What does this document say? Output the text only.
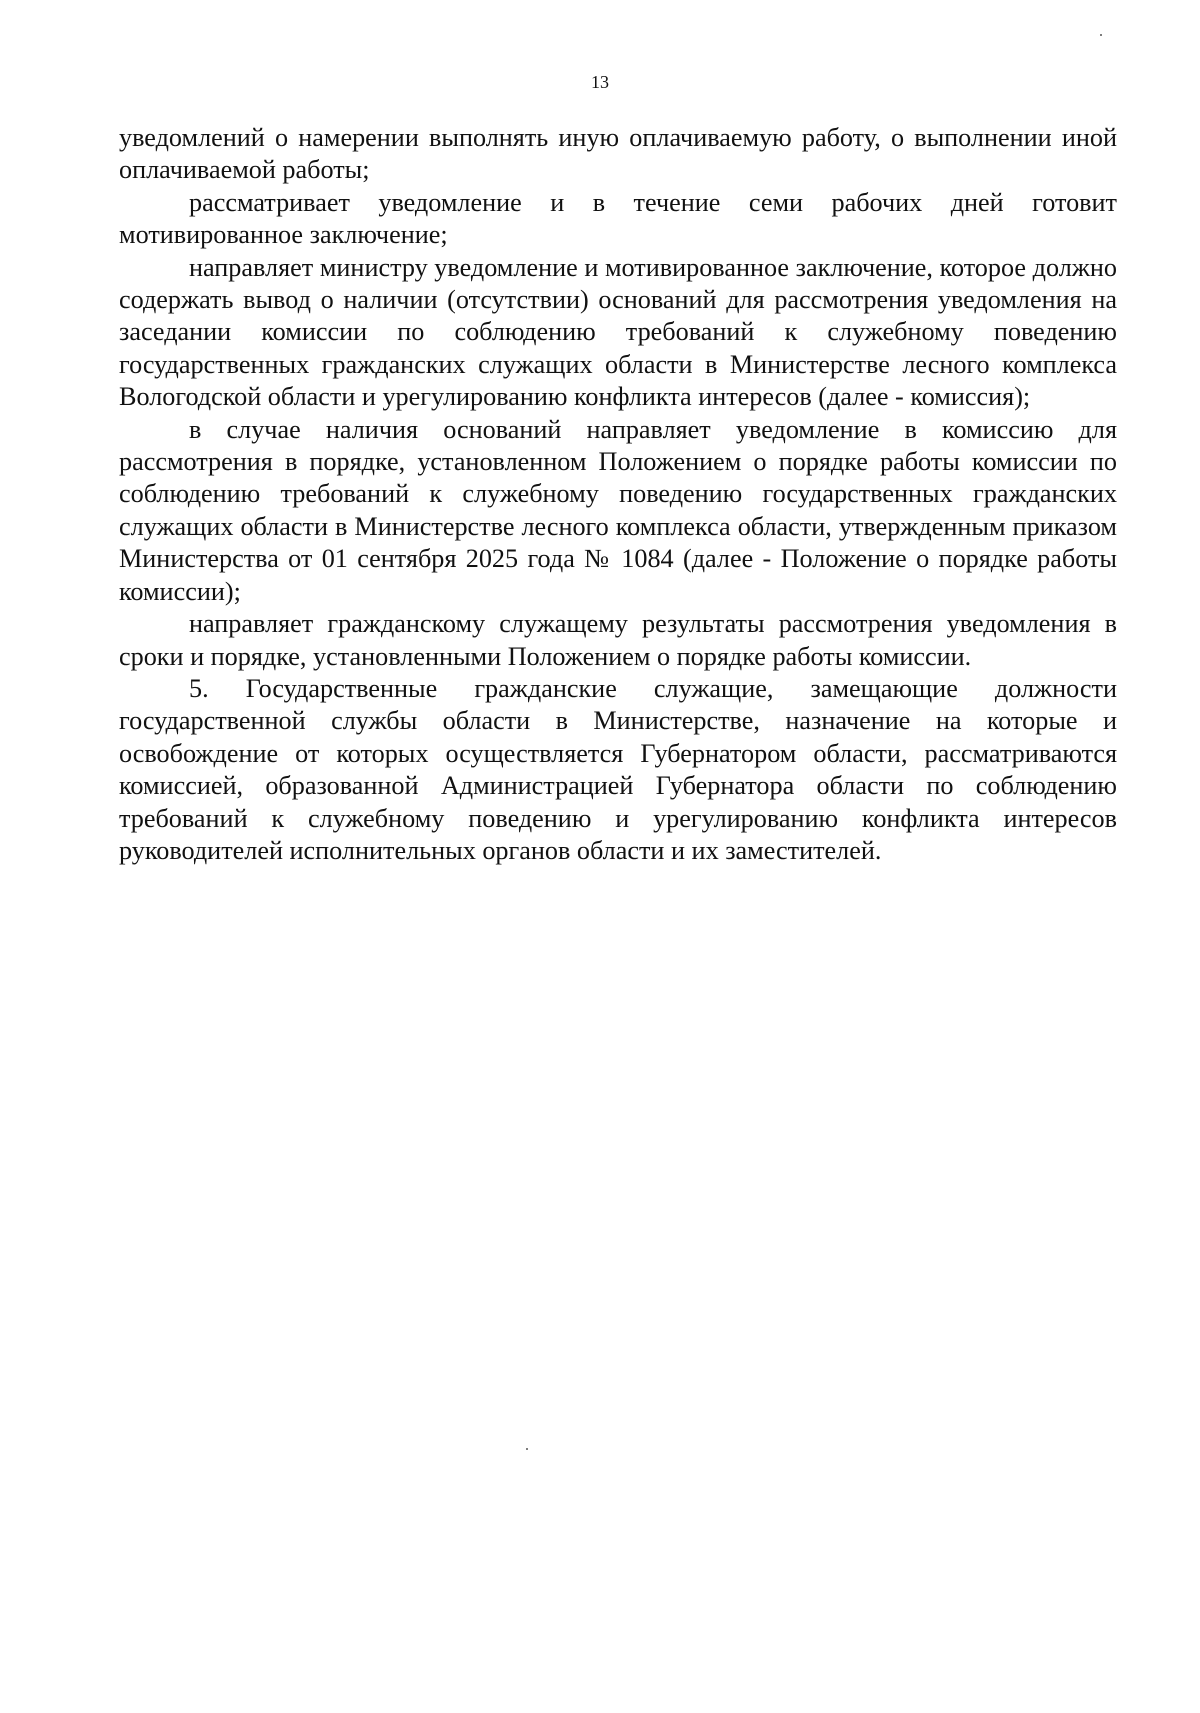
13

уведомлений о намерении выполнять иную оплачиваемую работу, о выполнении иной оплачиваемой работы;

рассматривает уведомление и в течение семи рабочих дней готовит мотивированное заключение;

направляет министру уведомление и мотивированное заключение, которое должно содержать вывод о наличии (отсутствии) оснований для рассмотрения уведомления на заседании комиссии по соблюдению требований к служебному поведению государственных гражданских служащих области в Министерстве лесного комплекса Вологодской области и урегулированию конфликта интересов (далее - комиссия);

в случае наличия оснований направляет уведомление в комиссию для рассмотрения в порядке, установленном Положением о порядке работы комиссии по соблюдению требований к служебному поведению государственных гражданских служащих области в Министерстве лесного комплекса области, утвержденным приказом Министерства от 01 сентября 2025 года № 1084 (далее - Положение о порядке работы комиссии);

направляет гражданскому служащему результаты рассмотрения уведомления в сроки и порядке, установленными Положением о порядке работы комиссии.

5. Государственные гражданские служащие, замещающие должности государственной службы области в Министерстве, назначение на которые и освобождение от которых осуществляется Губернатором области, рассматриваются комиссией, образованной Администрацией Губернатора области по соблюдению требований к служебному поведению и урегулированию конфликта интересов руководителей исполнительных органов области и их заместителей.
